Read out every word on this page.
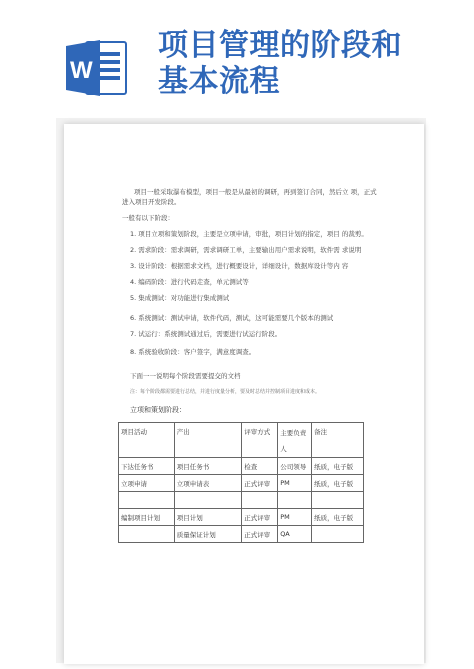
W
项目管理的阶段和
基本流程
项目一般采取瀑布模型，项目一般是从最初的调研，再到签订合同，然后立 项，正式
进入项目开发阶段。
一般有以下阶段：
1. 项目立项和策划阶段，主要是立项申请，审批，项目计划的指定，项目 的裁剪。
2. 需求阶段：需求调研，需求调研工单，主要输出用户需求说明，软件需 求说明
3. 设计阶段：根据需求文档，进行概要设计，详细设计，数据库设计等内 容
4. 编码阶段：进行代码走查，单元测试等
5. 集成测试：对功能进行集成测试
6. 系统测试：测试申请，软件代码，测试，这可能需要几个版本的测试
7. 试运行：系统测试通过后，需要进行试运行阶段。
8. 系统验收阶段：客户签字，满意度调查。
下面一一说明每个阶段需要提交的文档
注：每个阶段都需要进行总结，并进行度量分析，要及时总结并控制项目进度和成本。
立项和策划阶段：
项目活动	产出	评审方式	主要负责人	备注
下达任务书	项目任务书	检查	公司领导	纸质，电子版
立项申请	立项申请表	正式评审	PM	纸质，电子版

编制项目计划	项目计划	正式评审	PM	纸质，电子版
	质量保证计划	正式评审	QA	
